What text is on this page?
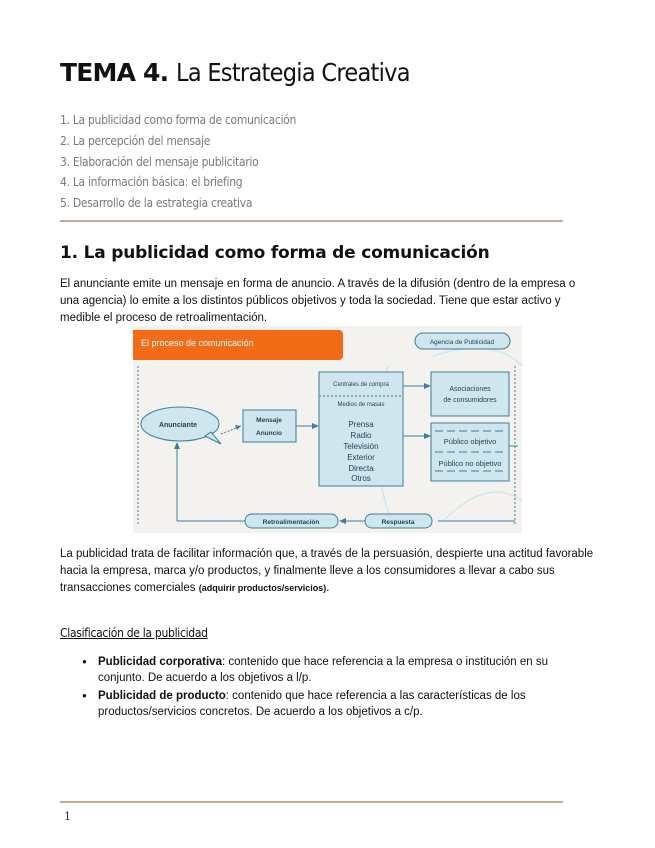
TEMA 4. La Estrategia Creativa
1. La publicidad como forma de comunicación
2. La percepción del mensaje
3. Elaboración del mensaje publicitario
4. La información básica: el briefing
5. Desarrollo de la estrategia creativa
1. La publicidad como forma de comunicación

El anunciante emite un mensaje en forma de anuncio. A través de la difusión (dentro de la empresa o una agencia) lo emite a los distintos públicos objetivos y toda la sociedad. Tiene que estar activo y medible el proceso de retroalimentación.

El proceso de comunicación	Agencia de Publicidad
Anunciante
Mensaje
Anuncio
Centrales de compra
Medios de masas
Prensa
Radio
Televisión
Exterior
Directa
Otros
Asociaciones
de consumidores
Público objetivo
Público no objetivo
Respuesta
Retroalimentación

La publicidad trata de facilitar información que, a través de la persuasión, despierte una actitud favorable hacia la empresa, marca y/o productos, y finalmente lleve a los consumidores a llevar a cabo sus transacciones comerciales (adquirir productos/servicios).

Clasificación de la publicidad
● Publicidad corporativa: contenido que hace referencia a la empresa o institución en su conjunto. De acuerdo a los objetivos a l/p.
● Publicidad de producto: contenido que hace referencia a las características de los productos/servicios concretos. De acuerdo a los objetivos a c/p.
1
